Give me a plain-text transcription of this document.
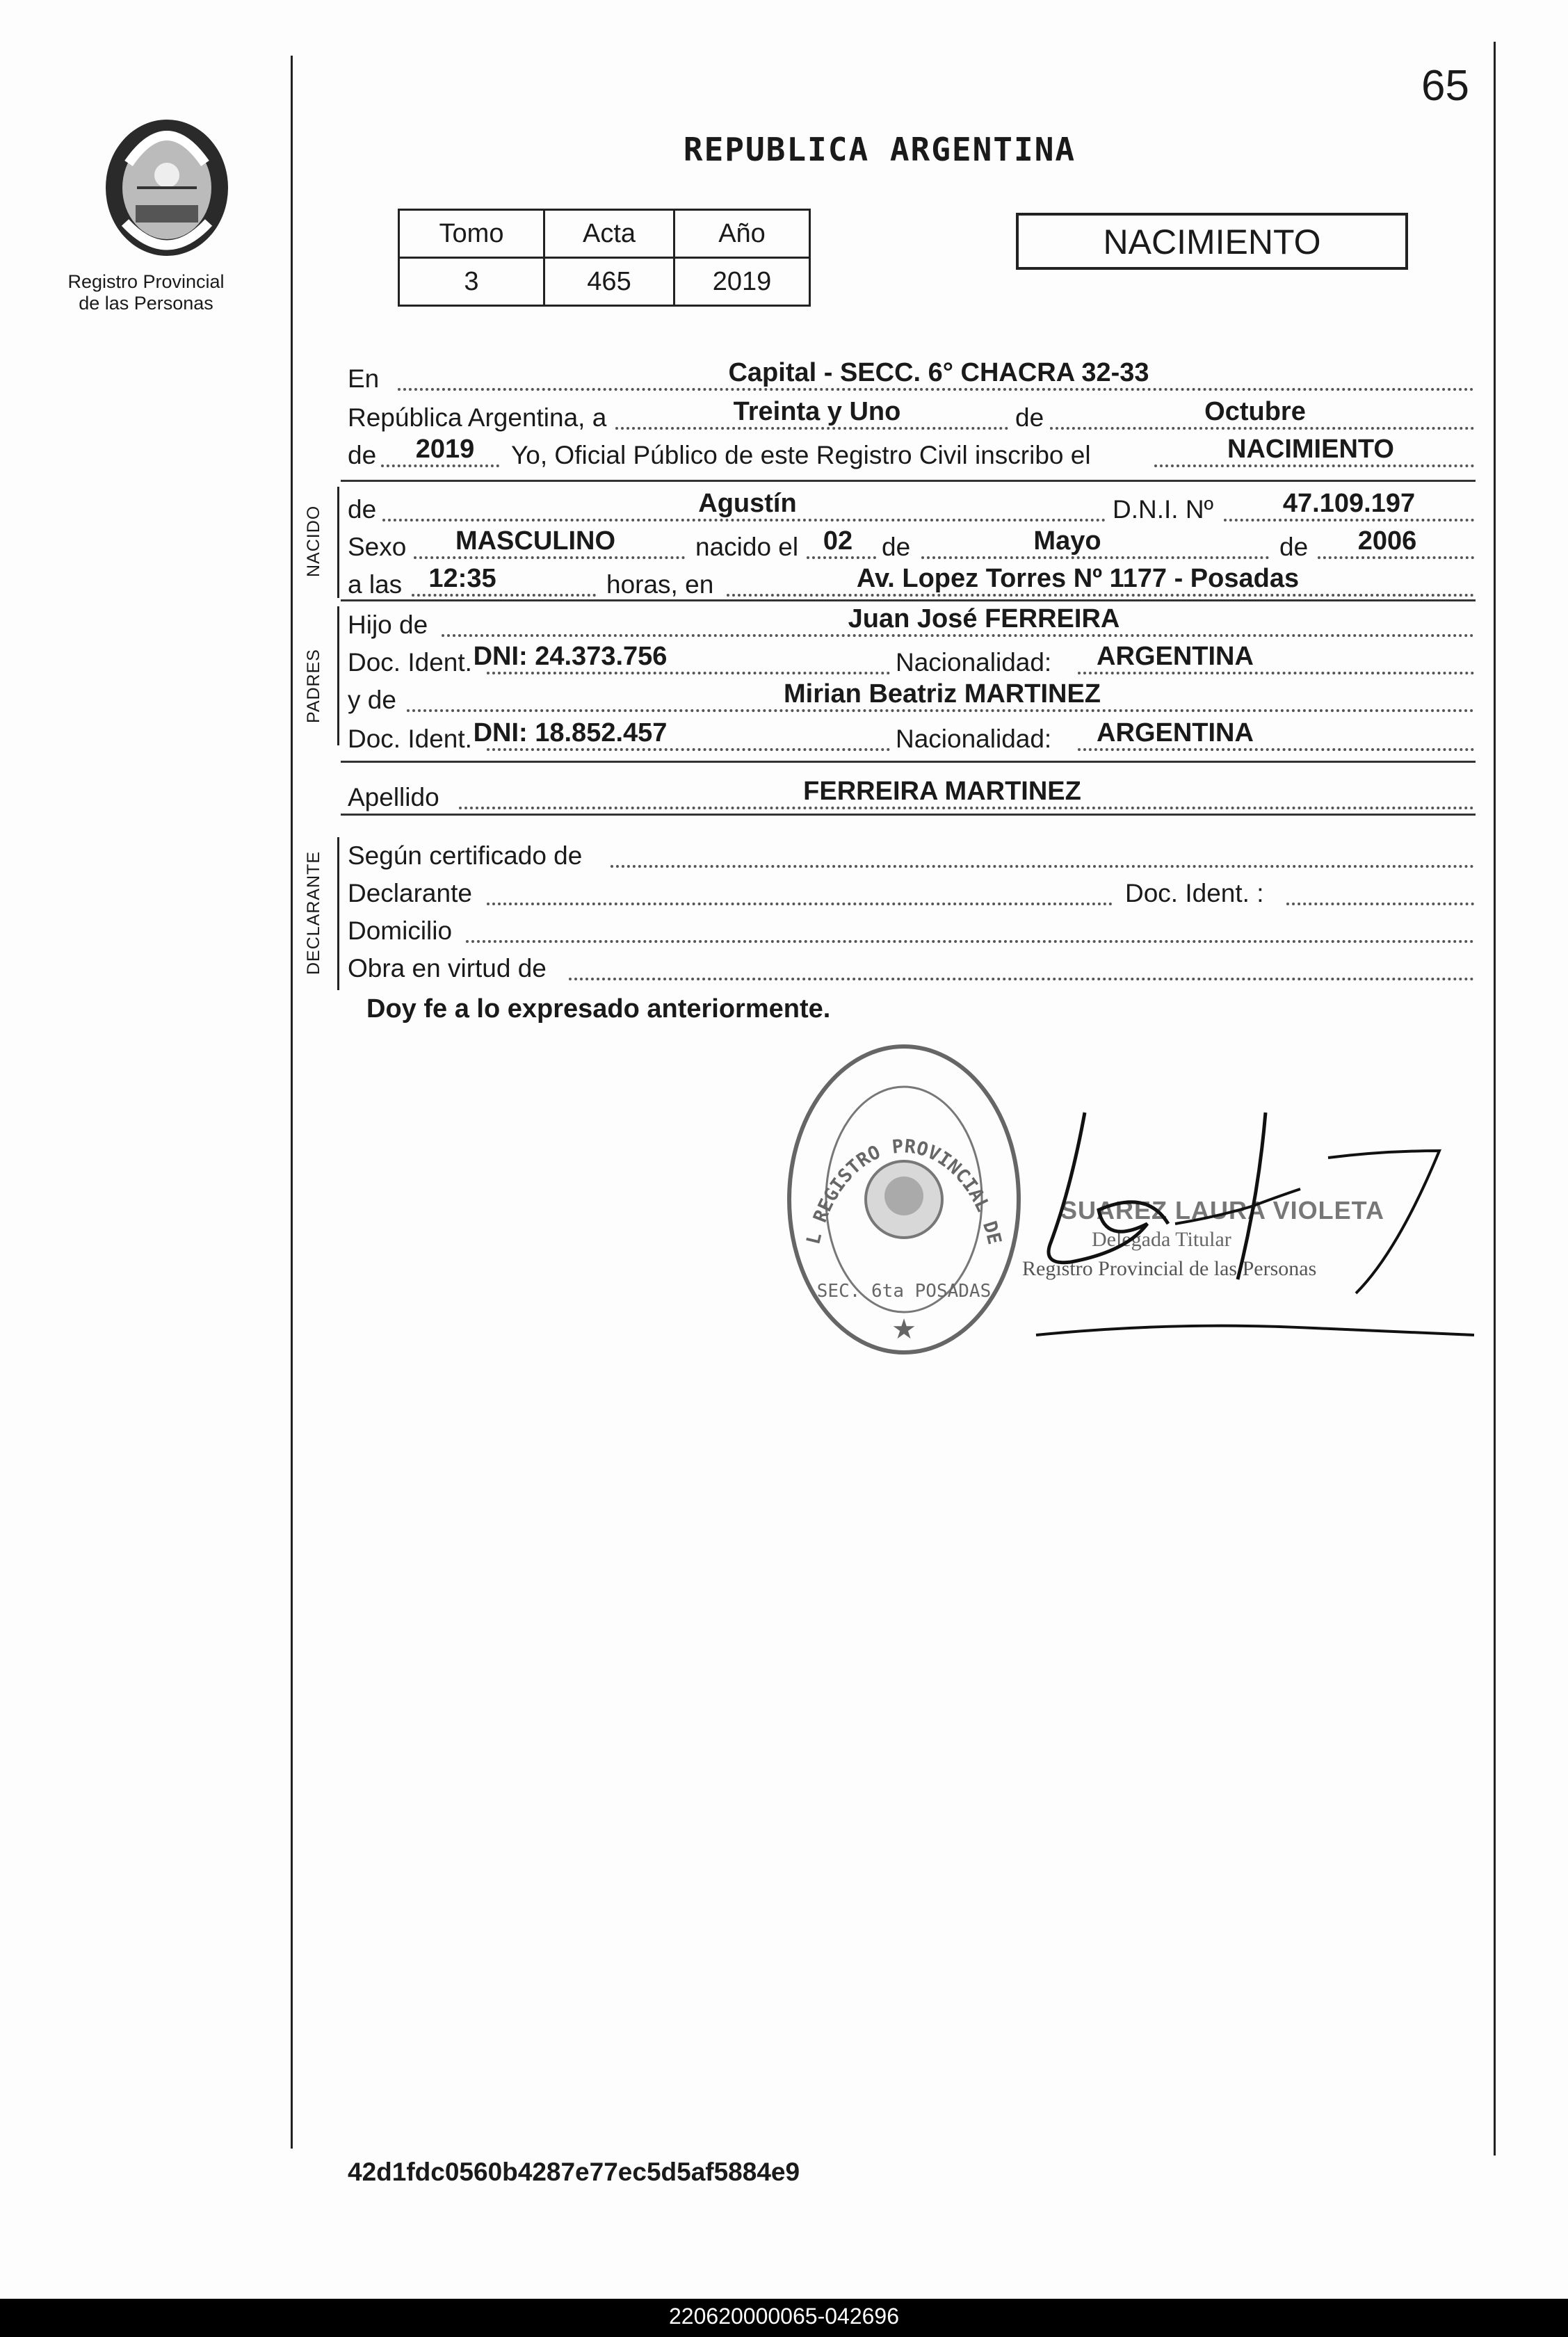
Registro Provincial
de las Personas
65
REPUBLICA ARGENTINA
Tomo	Acta	Año
3	465	2019
NACIMIENTO
En	Capital - SECC. 6° CHACRA 32-33
República Argentina, a	Treinta y Uno	de	Octubre
de 2019 Yo, Oficial Público de este Registro Civil inscribo el	NACIMIENTO
NACIDO de	Agustín	D.N.I. Nº	47.109.197
Sexo MASCULINO	nacido el 02 de	Mayo	de 2006
a las 12:35	horas, en	Av. Lopez Torres Nº 1177 - Posadas
PADRES
Hijo de	Juan José FERREIRA
Doc. Ident. DNI: 24.373.756	Nacionalidad: ARGENTINA
y de	Mirian Beatriz MARTINEZ
Doc. Ident. DNI: 18.852.457	Nacionalidad: ARGENTINA
Apellido	FERREIRA MARTINEZ
DECLARANTE Según certificado de
Declarante	Doc. Ident. :
Domicilio
Obra en virtud de
Doy fe a lo expresado anteriormente.
★
L REGISTRO PROVINCIAL DE
SEC. 6ta POSADAS
SUAREZ LAURA VIOLETA
Delegada Titular
Registro Provincial de las Personas
42d1fdc0560b4287e77ec5d5af5884e9
220620000065-042696
